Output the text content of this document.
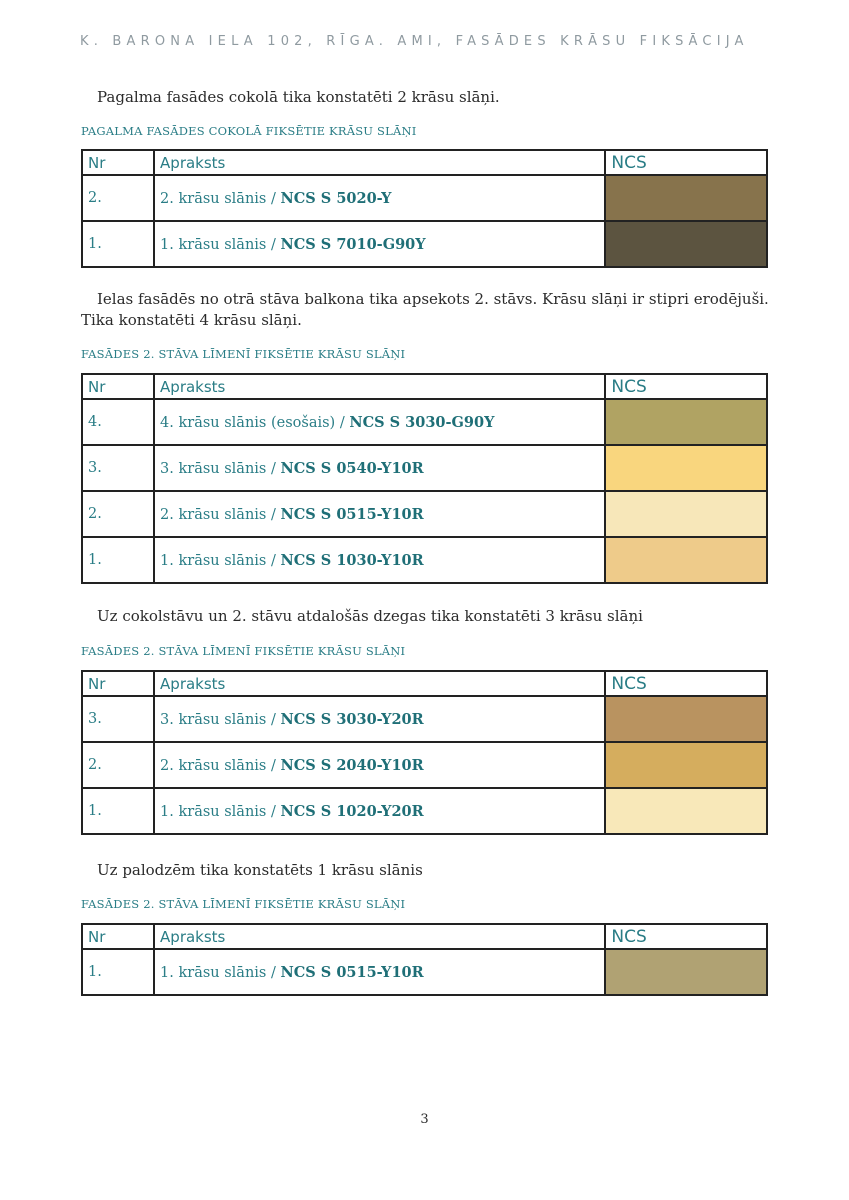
K. BARONA IELA 102, RĪGA. AMI, FASĀDES KRĀSU FIKSĀCIJA
Pagalma fasādes cokolā tika konstatēti 2 krāsu slāņi.
PAGALMA FASĀDES COKOLĀ FIKSĒTIE KRĀSU SLĀŅI
Nr	Apraksts	NCS
2.	2. krāsu slānis / NCS S 5020-Y	

1.	1. krāsu slānis / NCS S 7010-G90Y	
Ielas fasādēs no otrā stāva balkona tika apsekots 2. stāvs. Krāsu slāņi ir stipri erodējuši. Tika konstatēti 4 krāsu slāņi.
FASĀDES 2. STĀVA LĪMENĪ FIKSĒTIE KRĀSU SLĀŅI
Nr	Apraksts	NCS
4.	4. krāsu slānis (esošais) / NCS S 3030-G90Y	

3.	3. krāsu slānis / NCS S 0540-Y10R	

2.	2. krāsu slānis / NCS S 0515-Y10R	

1.	1. krāsu slānis / NCS S 1030-Y10R	
Uz cokolstāvu un 2. stāvu atdalošās dzegas tika konstatēti 3 krāsu slāņi
FASĀDES 2. STĀVA LĪMENĪ FIKSĒTIE KRĀSU SLĀŅI
Nr	Apraksts	NCS
3.	3. krāsu slānis / NCS S 3030-Y20R	

2.	2. krāsu slānis / NCS S 2040-Y10R	

1.	1. krāsu slānis / NCS S 1020-Y20R	
Uz palodzēm tika konstatēts 1 krāsu slānis
FASĀDES 2. STĀVA LĪMENĪ FIKSĒTIE KRĀSU SLĀŅI
Nr	Apraksts	NCS
1.	1. krāsu slānis / NCS S 0515-Y10R	
3
